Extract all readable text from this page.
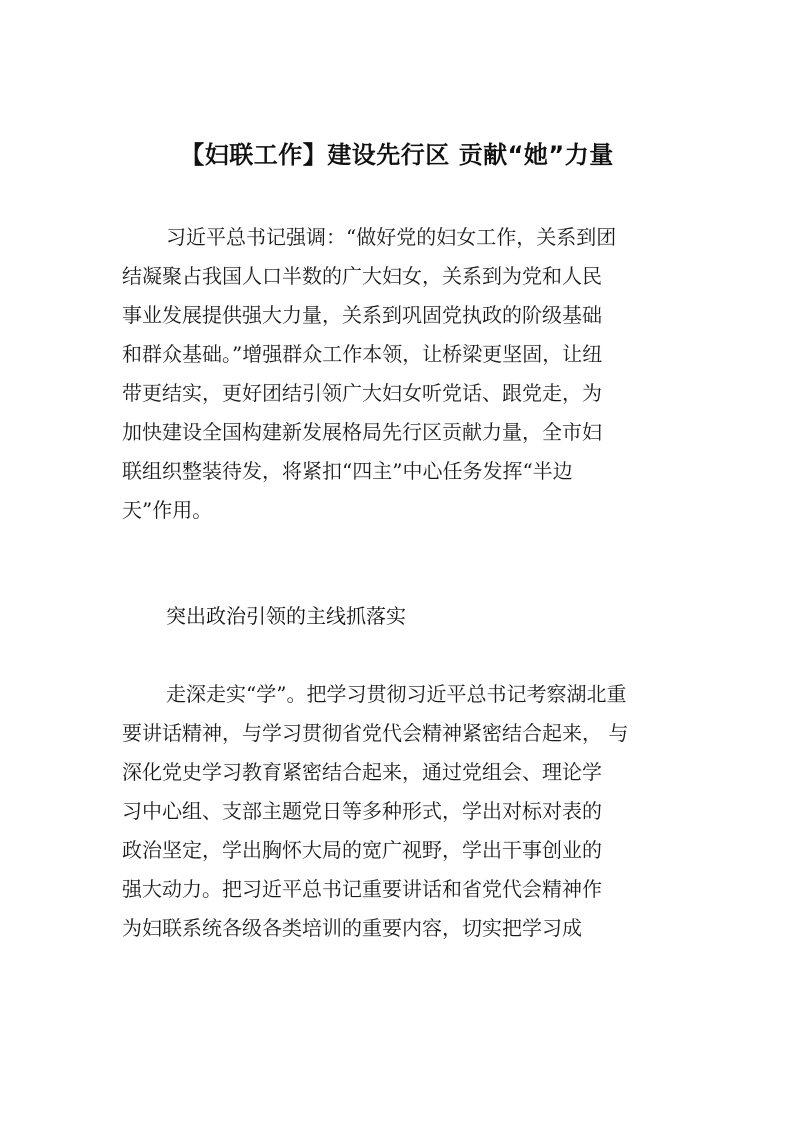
【妇联工作】建设先行区 贡献“她”力量
习近平总书记强调：“做好党的妇女工作，关系到团
结凝聚占我国人口半数的广大妇女，关系到为党和人民
事业发展提供强大力量，关系到巩固党执政的阶级基础
和群众基础。”增强群众工作本领，让桥梁更坚固，让纽
带更结实，更好团结引领广大妇女听党话、跟党走，为
加快建设全国构建新发展格局先行区贡献力量，全市妇
联组织整装待发，将紧扣“四主”中心任务发挥“半边
天”作用。
突出政治引领的主线抓落实
走深走实“学”。把学习贯彻习近平总书记考察湖北重
要讲话精神，与学习贯彻省党代会精神紧密结合起来， 与
深化党史学习教育紧密结合起来，通过党组会、理论学
习中心组、支部主题党日等多种形式，学出对标对表的
政治坚定，学出胸怀大局的宽广视野，学出干事创业的
强大动力。把习近平总书记重要讲话和省党代会精神作
为妇联系统各级各类培训的重要内容，切实把学习成
